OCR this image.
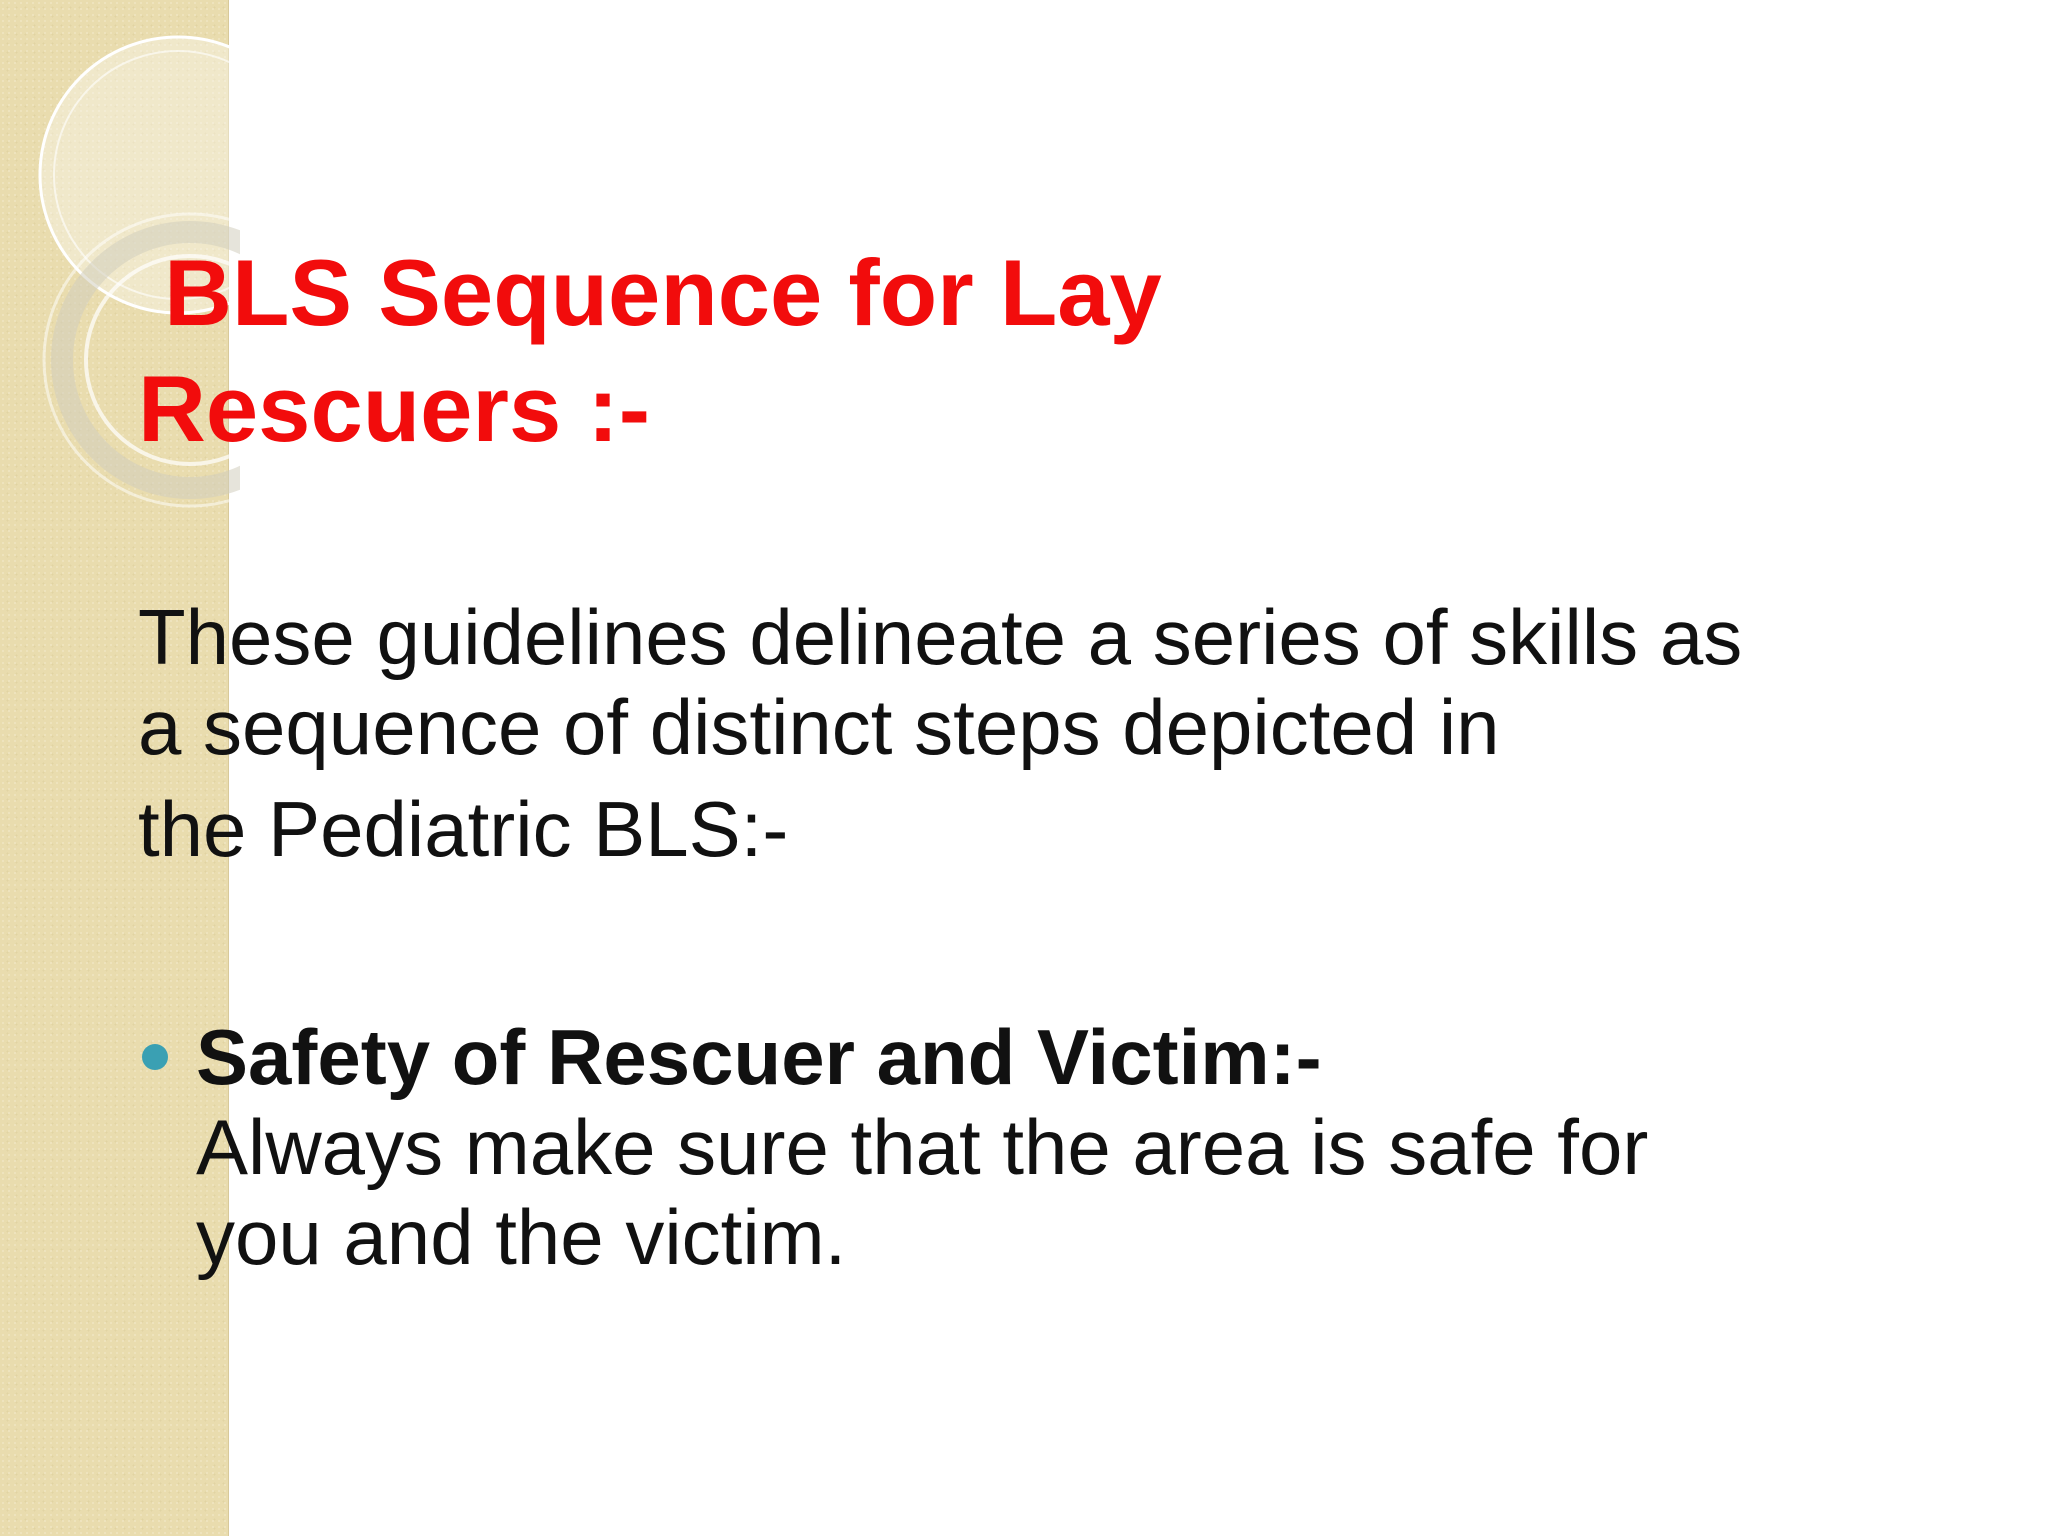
BLS Sequence for Lay
Rescuers :-
These guidelines delineate a series of skills as
a sequence of distinct steps depicted in
the Pediatric BLS:-
Safety of Rescuer and Victim:-
Always make sure that the area is safe for
you and the victim.
